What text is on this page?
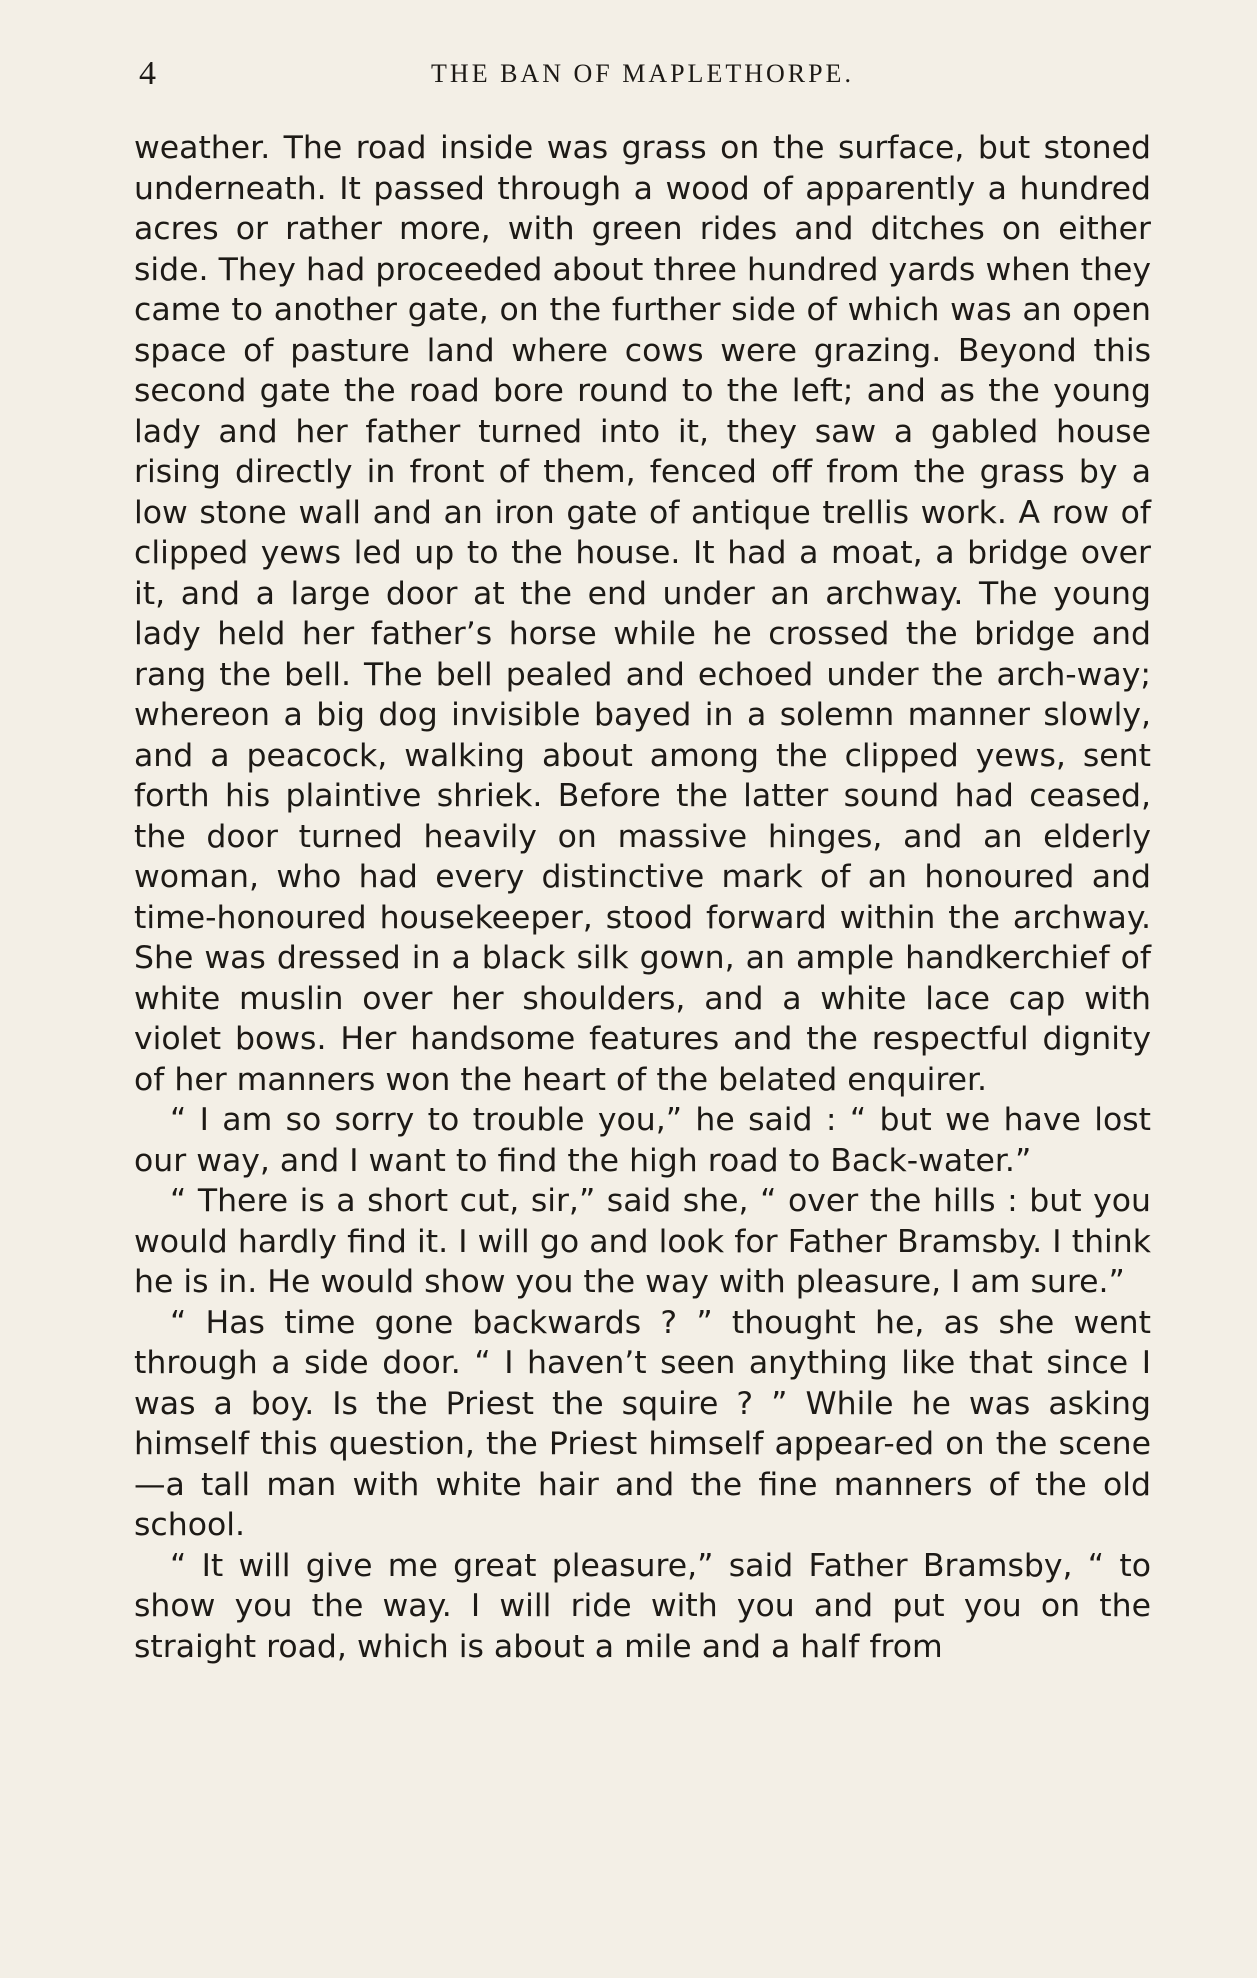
4	THE BAN OF MAPLETHORPE.

weather. The road inside was grass on the surface, but stoned underneath. It passed through a wood of apparently a hundred acres or rather more, with green rides and ditches on either side. They had proceeded about three hundred yards when they came to another gate, on the further side of which was an open space of pasture land where cows were grazing. Beyond this second gate the road bore round to the left; and as the young lady and her father turned into it, they saw a gabled house rising directly in front of them, fenced off from the grass by a low stone wall and an iron gate of antique trellis work. A row of clipped yews led up to the house. It had a moat, a bridge over it, and a large door at the end under an archway. The young lady held her father’s horse while he crossed the bridge and rang the bell. The bell pealed and echoed under the arch-way; whereon a big dog invisible bayed in a solemn manner slowly, and a peacock, walking about among the clipped yews, sent forth his plaintive shriek. Before the latter sound had ceased, the door turned heavily on massive hinges, and an elderly woman, who had every distinctive mark of an honoured and time-honoured housekeeper, stood forward within the archway. She was dressed in a black silk gown, an ample handkerchief of white muslin over her shoulders, and a white lace cap with violet bows. Her handsome features and the respectful dignity of her manners won the heart of the belated enquirer.

“ I am so sorry to trouble you,” he said : “ but we have lost our way, and I want to find the high road to Back-water.”

“ There is a short cut, sir,” said she, “ over the hills : but you would hardly find it. I will go and look for Father Bramsby. I think he is in. He would show you the way with pleasure, I am sure.”

“ Has time gone backwards ? ” thought he, as she went through a side door. “ I haven’t seen anything like that since I was a boy. Is the Priest the squire ? ” While he was asking himself this question, the Priest himself appear-ed on the scene—a tall man with white hair and the fine manners of the old school.

“ It will give me great pleasure,” said Father Bramsby, “ to show you the way. I will ride with you and put you on the straight road, which is about a mile and a half from
